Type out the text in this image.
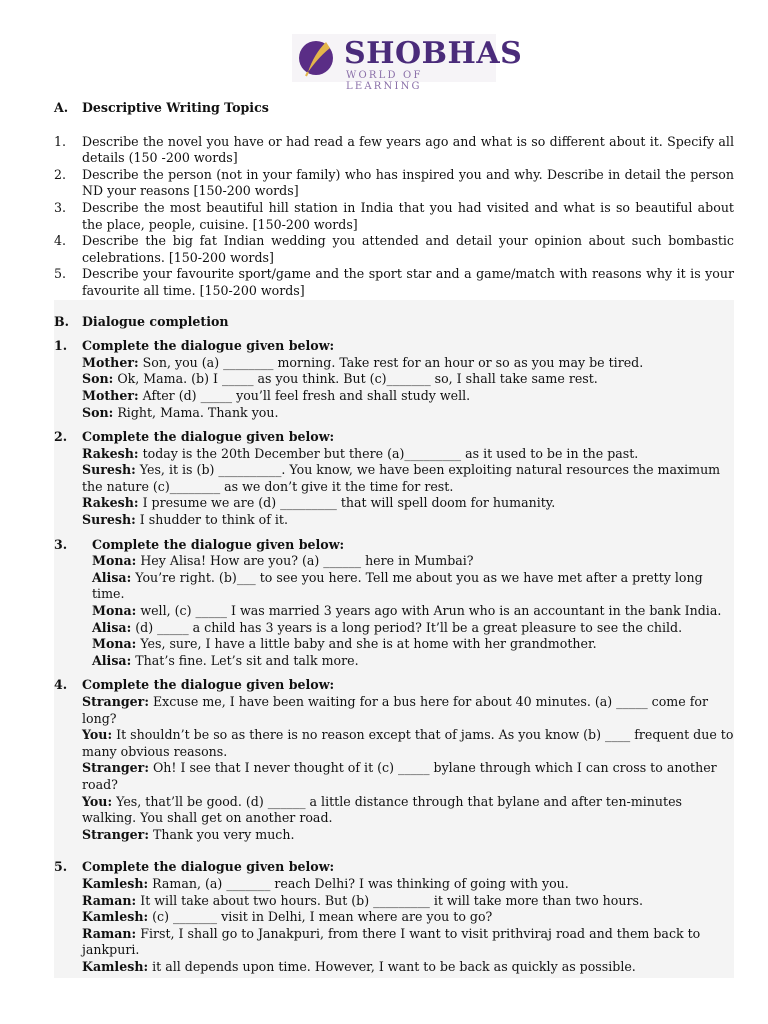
SHOBHAS
WORLD OF LEARNING
A.	Descriptive Writing Topics
1.	Describe the novel you have or had read a few years ago and what is so different about it. Specify all details (150 -200 words]
2.	Describe the person (not in your family) who has inspired you and why. Describe in detail the person ND your reasons [150-200 words]
3.	Describe the most beautiful hill station in India that you had visited and what is so beautiful about the place, people, cuisine. [150-200 words]
4.	Describe the big fat Indian wedding you attended and detail your opinion about such bombastic celebrations. [150-200 words]
5.	Describe your favourite sport/game and the sport star and a game/match with reasons why it is your favourite all time. [150-200 words]
B.	Dialogue completion
1.	Complete the dialogue given below:
Mother: Son, you (a) ________ morning. Take rest for an hour or so as you may be tired.
Son: Ok, Mama. (b) I _____ as you think. But (c)_______ so, I shall take same rest.
Mother: After (d) _____ you’ll feel fresh and shall study well.
Son: Right, Mama. Thank you.
2.	Complete the dialogue given below:
Rakesh: today is the 20th December but there (a)_________ as it used to be in the past.
Suresh: Yes, it is (b) __________. You know, we have been exploiting natural resources the maximum the nature (c)________ as we don’t give it the time for rest.
Rakesh: I presume we are (d) _________ that will spell doom for humanity.
Suresh: I shudder to think of it.
3.	Complete the dialogue given below:
Mona: Hey Alisa! How are you? (a) ______ here in Mumbai?
Alisa: You’re right. (b)___ to see you here. Tell me about you as we have met after a pretty long time.
Mona: well, (c) _____ I was married 3 years ago with Arun who is an accountant in the bank India.
Alisa: (d) _____ a child has 3 years is a long period? It’ll be a great pleasure to see the child.
Mona: Yes, sure, I have a little baby and she is at home with her grandmother.
Alisa: That’s fine. Let’s sit and talk more.
4.	Complete the dialogue given below:
Stranger: Excuse me, I have been waiting for a bus here for about 40 minutes. (a) _____ come for long?
You: It shouldn’t be so as there is no reason except that of jams. As you know (b) ____ frequent due to many obvious reasons.
Stranger: Oh! I see that I never thought of it (c) _____ bylane through which I can cross to another road?
You: Yes, that’ll be good. (d) ______ a little distance through that bylane and after ten-minutes walking. You shall get on another road.
Stranger: Thank you very much.
5.	Complete the dialogue given below:
Kamlesh: Raman, (a) _______ reach Delhi? I was thinking of going with you.
Raman: It will take about two hours. But (b) _________ it will take more than two hours.
Kamlesh: (c) _______ visit in Delhi, I mean where are you to go?
Raman: First, I shall go to Janakpuri, from there I want to visit prithviraj road and them back to jankpuri.
Kamlesh: it all depends upon time. However, I want to be back as quickly as possible.
